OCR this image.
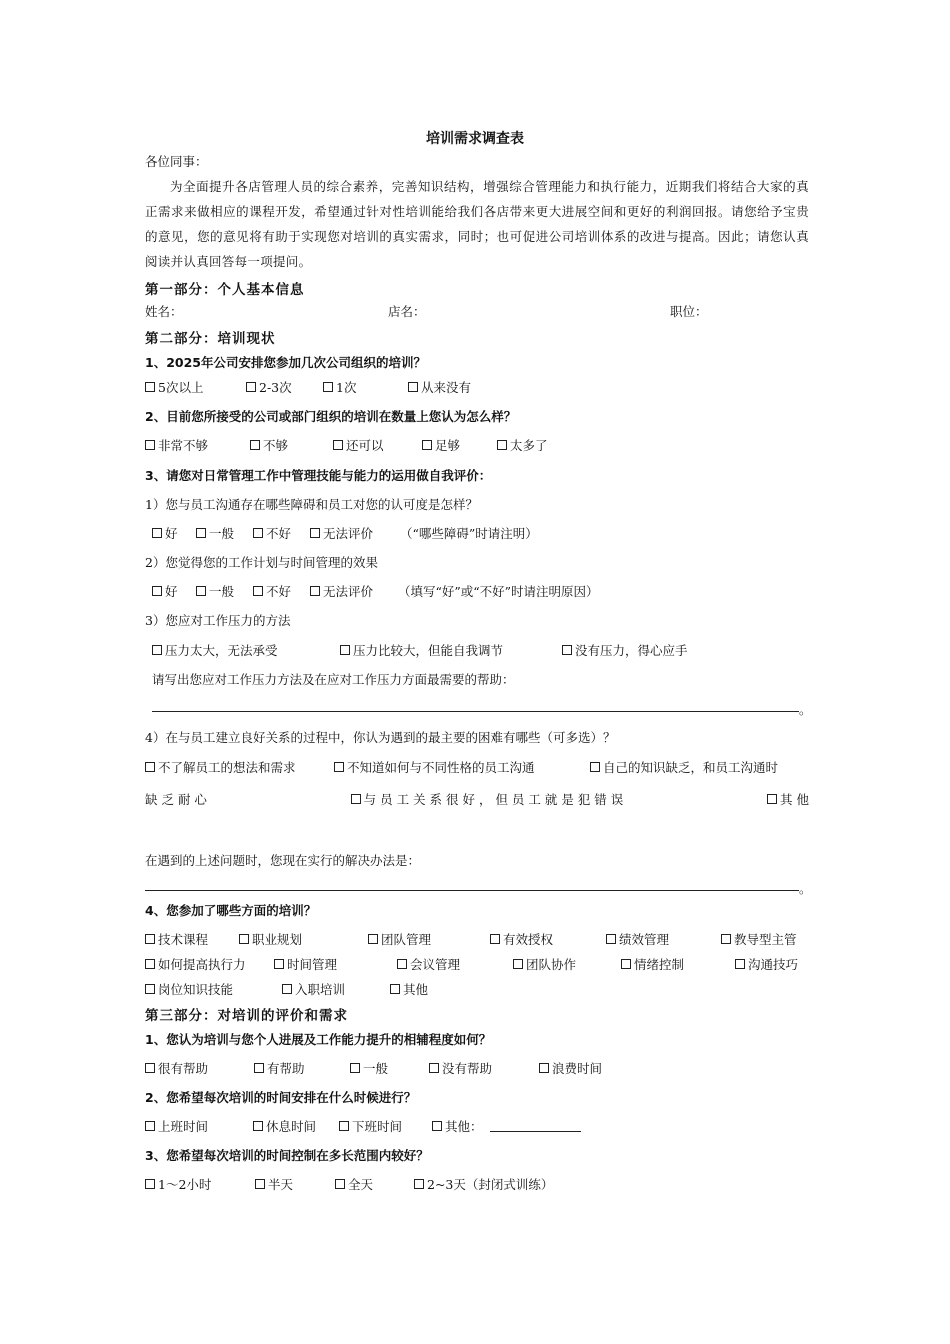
培训需求调查表
各位同事：
为全面提升各店管理人员的综合素养，完善知识结构，增强综合管理能力和执行能力，近期我们将结合大家的真正需求来做相应的课程开发，希望通过针对性培训能给我们各店带来更大进展空间和更好的利润回报。请您给予宝贵的意见，您的意见将有助于实现您对培训的真实需求，同时；也可促进公司培训体系的改进与提高。因此；请您认真阅读并认真回答每一项提问。
第一部分：个人基本信息
姓名：	店名：	职位：
第二部分：培训现状
1、2025年公司安排您参加几次公司组织的培训？
5次以上	2-3次	1次	从来没有
2、目前您所接受的公司或部门组织的培训在数量上您认为怎么样？
非常不够	不够	还可以	足够	太多了
3、请您对日常管理工作中管理技能与能力的运用做自我评价：
1）您与员工沟通存在哪些障碍和员工对您的认可度是怎样？
好	一般	不好	无法评价 （“哪些障碍”时请注明）
2）您觉得您的工作计划与时间管理的效果
好	一般	不好	无法评价 （填写“好”或“不好”时请注明原因）
3）您应对工作压力的方法
压力太大，无法承受	压力比较大，但能自我调节	没有压力，得心应手
请写出您应对工作压力方法及在应对工作压力方面最需要的帮助：
。
4）在与员工建立良好关系的过程中，你认为遇到的最主要的困难有哪些（可多选）？
不了解员工的想法和需求	不知道如何与不同性格的员工沟通	自己的知识缺乏，和员工沟通时
缺 乏 耐 心	与 员 工 关 系 很 好 ， 但 员 工 就 是 犯 错 误	其 他
在遇到的上述问题时，您现在实行的解决办法是：
。
4、您参加了哪些方面的培训？
技术课程	职业规划	团队管理	有效授权	绩效管理	教导型主管
如何提高执行力	时间管理	会议管理	团队协作	情绪控制	沟通技巧
岗位知识技能	入职培训	其他
第三部分：对培训的评价和需求
1、您认为培训与您个人进展及工作能力提升的相辅程度如何？
很有帮助	有帮助	一般	没有帮助	浪费时间
2、您希望每次培训的时间安排在什么时候进行？
上班时间	休息时间	下班时间	其他：
3、您希望每次培训的时间控制在多长范围内较好？
1～2小时	半天	全天	2~3天（封闭式训练）
